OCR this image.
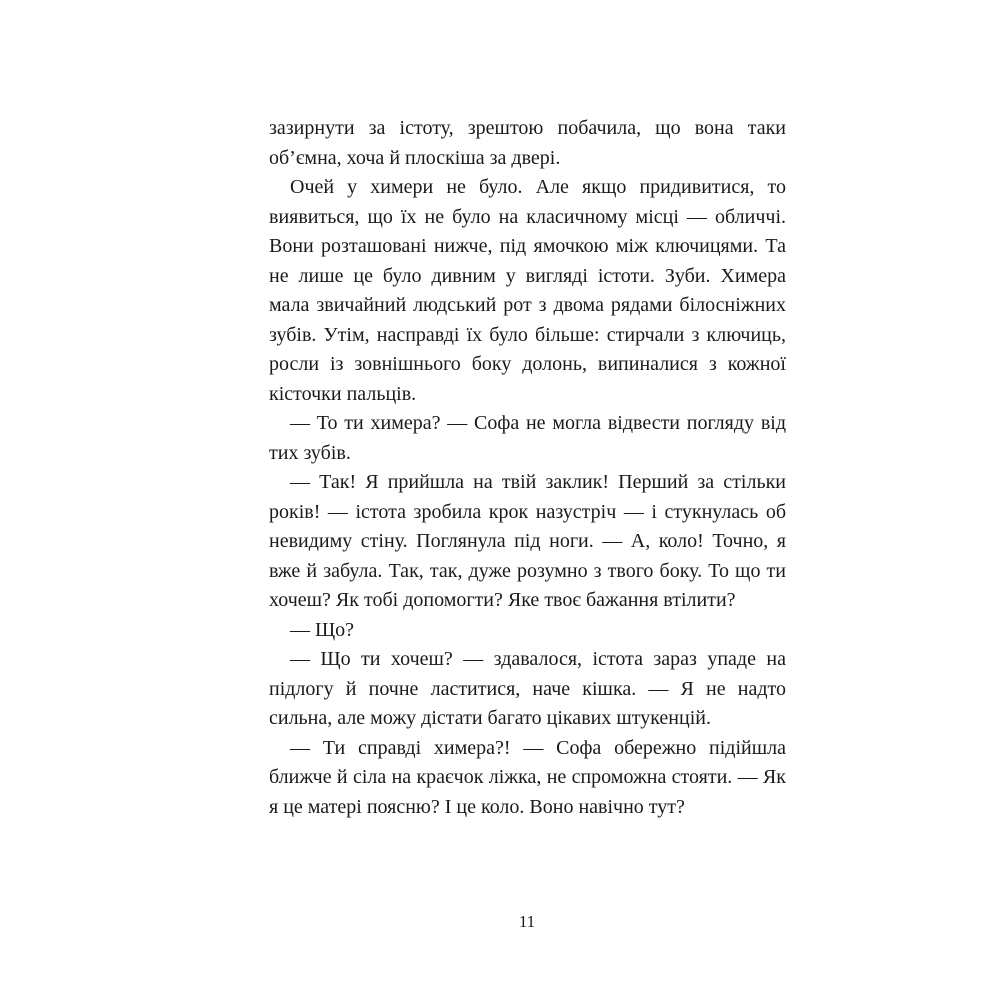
зазирнути за істоту, зрештою побачила, що вона таки об’ємна, хоча й плоскіша за двері.

Очей у химери не було. Але якщо придивитися, то виявиться, що їх не було на класичному місці — обличчі. Вони розташовані нижче, під ямочкою між ключицями. Та не лише це було дивним у вигляді істоти. Зуби. Химера мала звичайний людський рот з двома рядами білосніжних зубів. Утім, насправді їх було більше: стирчали з ключиць, росли із зовнішнього боку долонь, випиналися з кожної кісточки пальців.

— То ти химера? — Софа не могла відвести погляду від тих зубів.

— Так! Я прийшла на твій заклик! Перший за стільки років! — істота зробила крок назустріч — і стукнулась об невидиму стіну. Поглянула під ноги. — А, коло! Точно, я вже й забула. Так, так, дуже розумно з твого боку. То що ти хочеш? Як тобі допомогти? Яке твоє бажання втілити?

— Що?

— Що ти хочеш? — здавалося, істота зараз упаде на підлогу й почне ластитися, наче кішка. — Я не надто сильна, але можу дістати багато цікавих штукенцій.

— Ти справді химера?! — Софа обережно підійшла ближче й сіла на краєчок ліжка, не спроможна стояти. — Як я це матері поясню? І це коло. Воно навічно тут?

11
